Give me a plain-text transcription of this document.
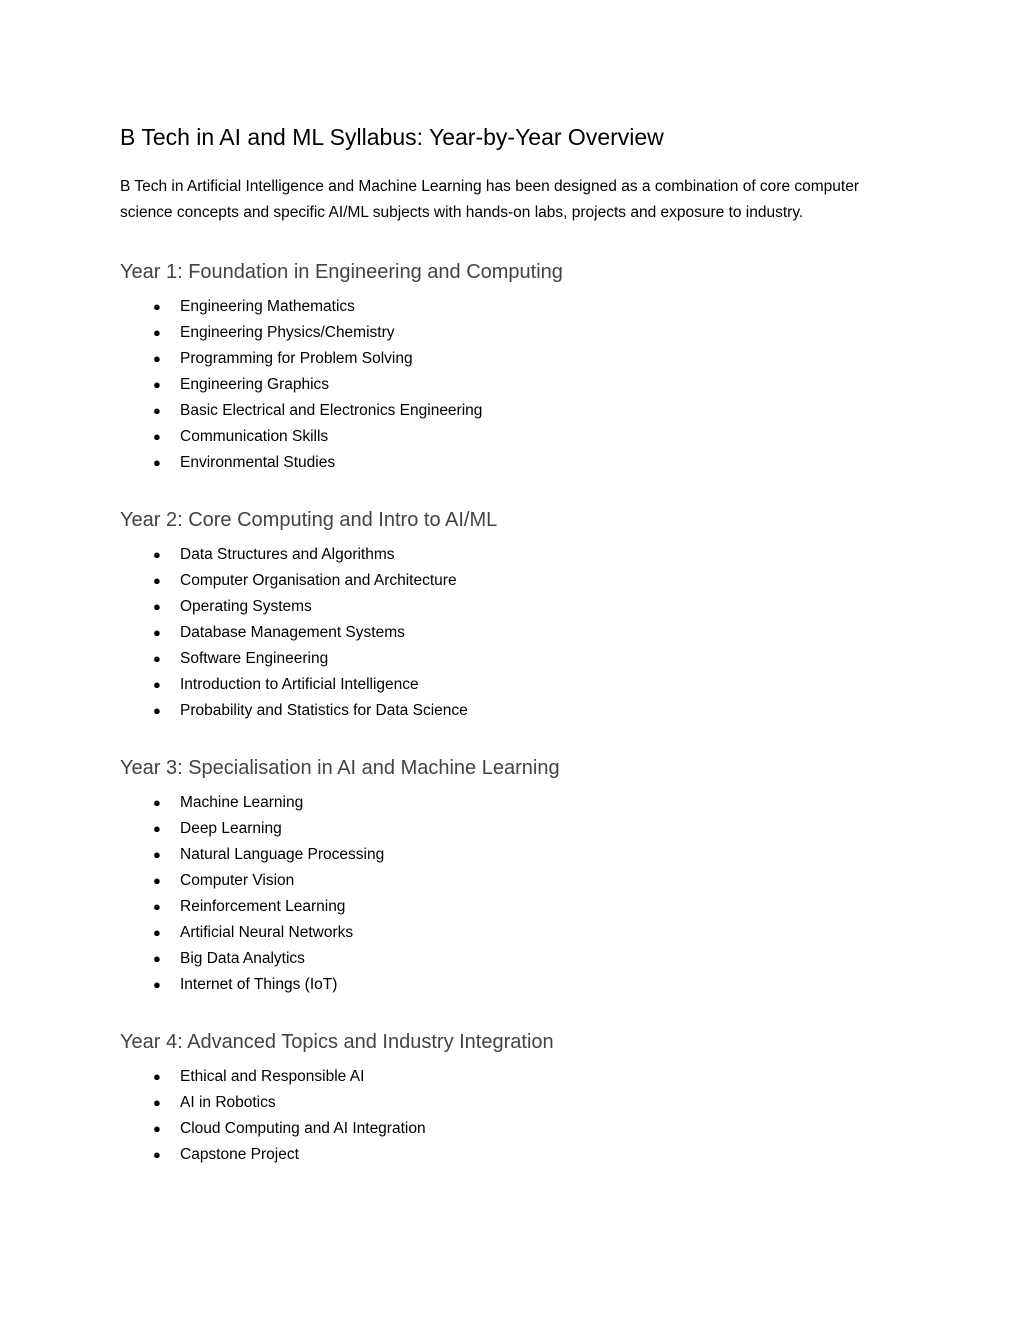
B Tech in AI and ML Syllabus: Year-by-Year Overview

B Tech in Artificial Intelligence and Machine Learning has been designed as a combination of core computer science concepts and specific AI/ML subjects with hands-on labs, projects and exposure to industry.

Year 1: Foundation in Engineering and Computing
● Engineering Mathematics
● Engineering Physics/Chemistry
● Programming for Problem Solving
● Engineering Graphics
● Basic Electrical and Electronics Engineering
● Communication Skills
● Environmental Studies
Year 2: Core Computing and Intro to AI/ML
● Data Structures and Algorithms
● Computer Organisation and Architecture
● Operating Systems
● Database Management Systems
● Software Engineering
● Introduction to Artificial Intelligence
● Probability and Statistics for Data Science
Year 3: Specialisation in AI and Machine Learning
● Machine Learning
● Deep Learning
● Natural Language Processing
● Computer Vision
● Reinforcement Learning
● Artificial Neural Networks
● Big Data Analytics
● Internet of Things (IoT)
Year 4: Advanced Topics and Industry Integration
● Ethical and Responsible AI
● AI in Robotics
● Cloud Computing and AI Integration
● Capstone Project
